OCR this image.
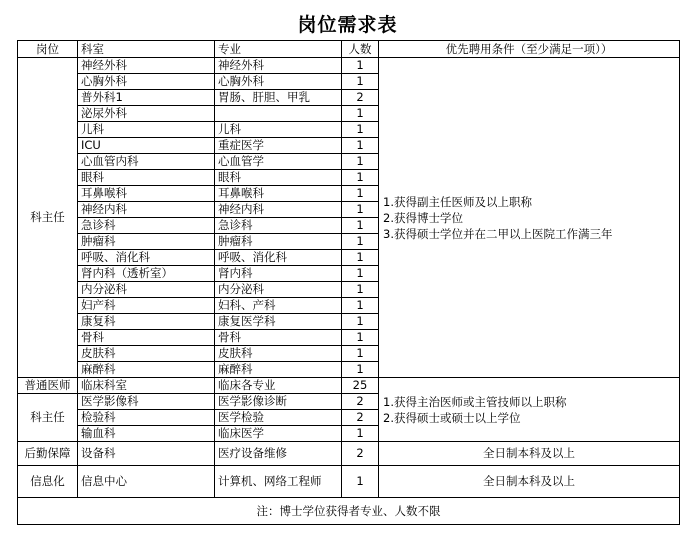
岗位需求表
岗位	科室	专业	人数	优先聘用条件（至少满足一项））
科主任	神经外科	神经外科	1	1.获得副主任医师及以上职称
2.获得博士学位
3.获得硕士学位并在二甲以上医院工作满三年

	心胸外科	心胸外科	1	
	普外科1	胃肠、肝胆、甲乳	2	
	泌尿外科		1	
	儿科	儿科	1	
	ICU	重症医学	1	
	心血管内科	心血管学	1	
	眼科	眼科	1	
	耳鼻喉科	耳鼻喉科	1	
	神经内科	神经内科	1	
	急诊科	急诊科	1	
	肿瘤科	肿瘤科	1	
	呼吸、消化科	呼吸、消化科	1	
	肾内科（透析室）	肾内科	1	
	内分泌科	内分泌科	1	
	妇产科	妇科、产科	1	
	康复科	康复医学科	1	
	骨科	骨科	1	
	皮肤科	皮肤科	1	
	麻醉科	麻醉科	1	
普通医师	临床科室	临床各专业	25	1.获得主治医师或主管技师以上职称
2.获得硕士或硕士以上学位

科主任	医学影像科	医学影像诊断	2	
	检验科	医学检验	2	
	输血科	临床医学	1	
后勤保障	设备科	医疗设备维修	2	全日制本科及以上
信息化	信息中心	计算机、网络工程师	1	全日制本科及以上
注：博士学位获得者专业、人数不限				
